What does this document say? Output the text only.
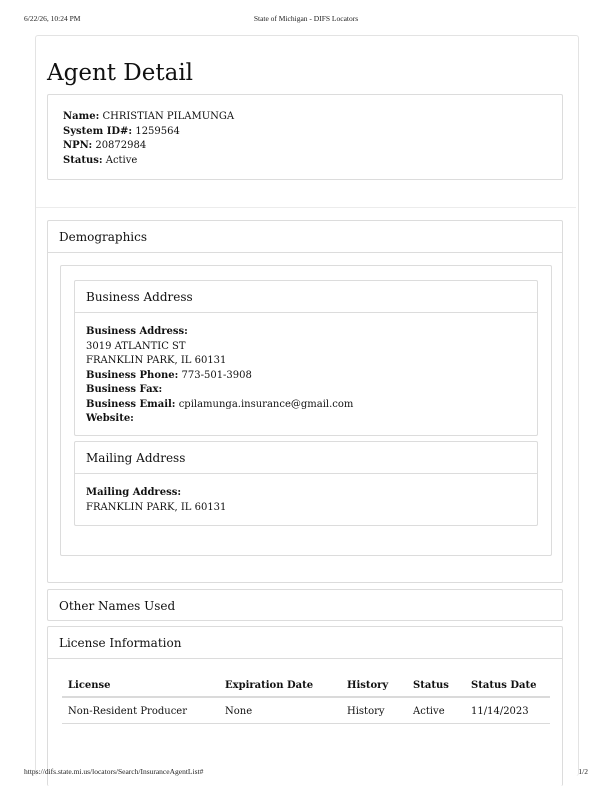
6/22/26, 10:24 PM	State of Michigan - DIFS Locators
Agent Detail
Name: CHRISTIAN PILAMUNGA
System ID#: 1259564
NPN: 20872984
Status: Active
Demographics
Business Address
Business Address:
3019 ATLANTIC ST
FRANKLIN PARK, IL 60131
Business Phone: 773-501-3908
Business Fax:
Business Email: cpilamunga.insurance@gmail.com
Website:
Mailing Address
Mailing Address:
FRANKLIN PARK, IL 60131
Other Names Used
License Information
License	Expiration Date	History	Status	Status Date
Non-Resident Producer	None	History	Active	11/14/2023
https://difs.state.mi.us/locators/Search/InsuranceAgentList#	1/2
